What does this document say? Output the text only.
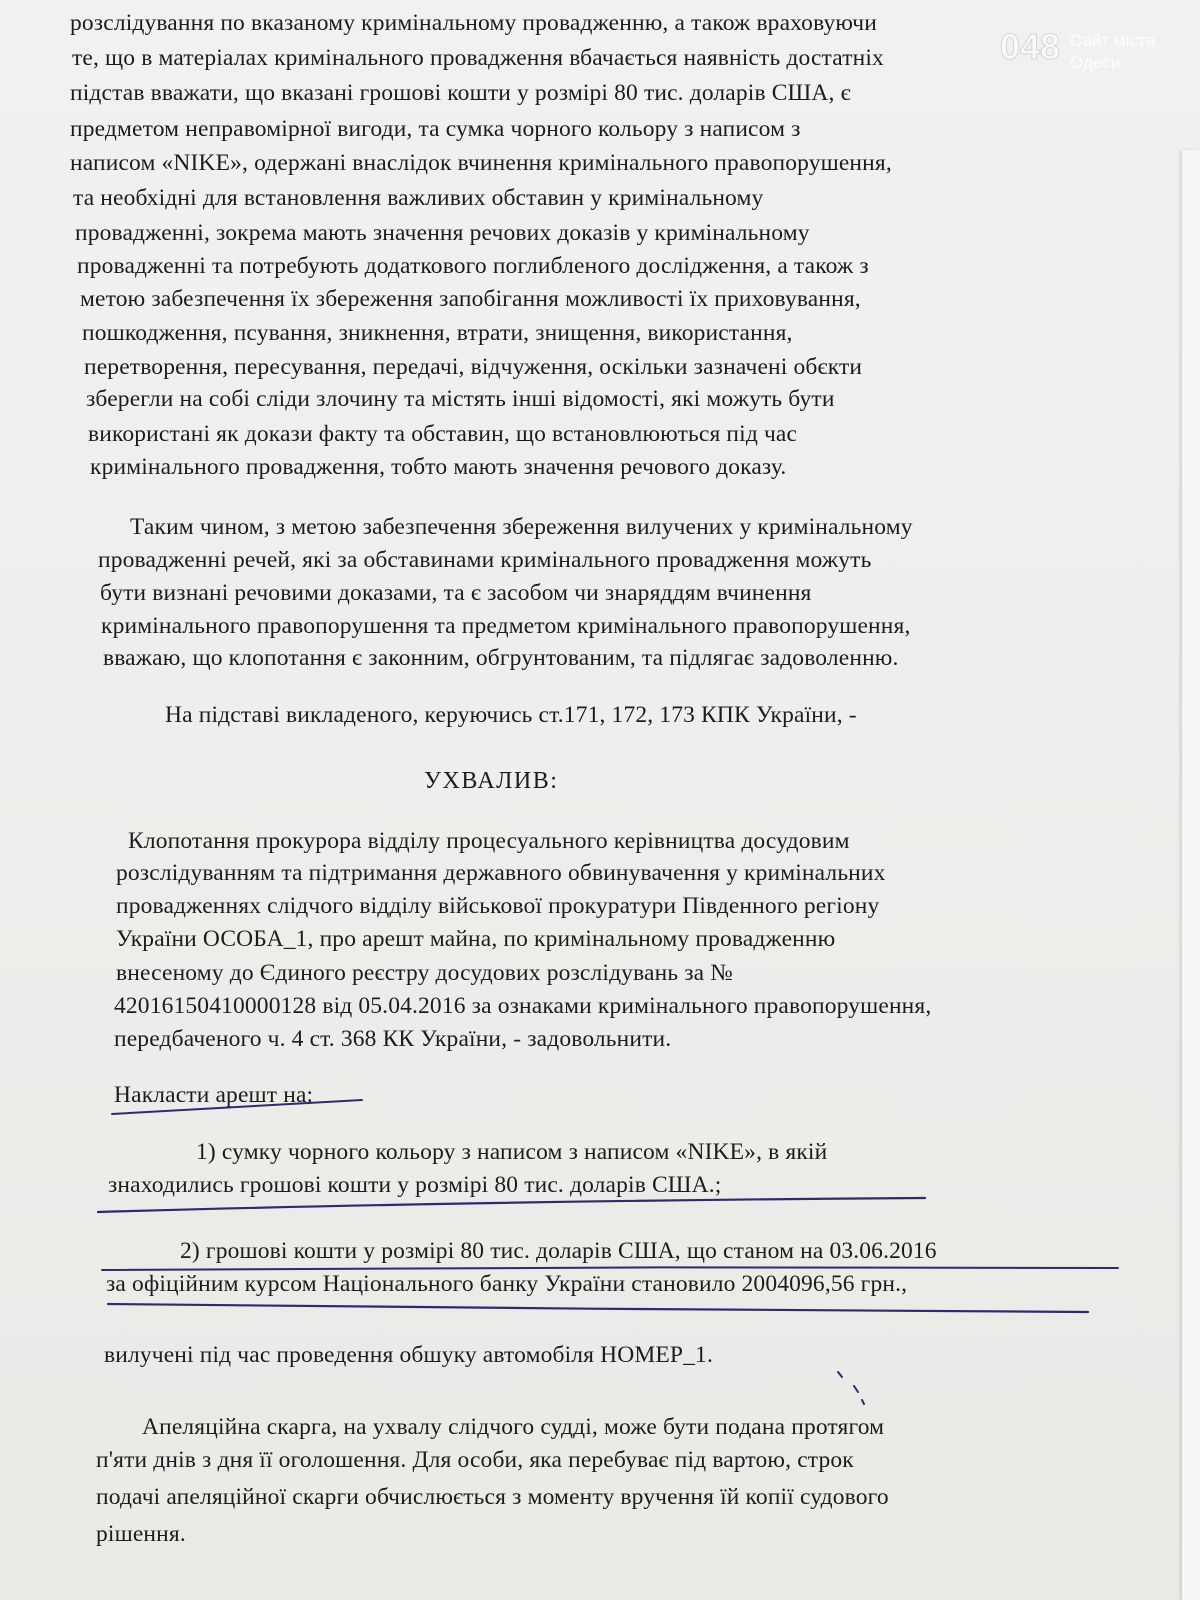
розслідування по вказаному кримінальному провадженню, а також враховуючи
те, що в матеріалах кримінального провадження вбачається наявність достатніх
підстав вважати, що вказані грошові кошти у розмірі 80 тис. доларів США, є
предметом неправомірної вигоди, та сумка чорного кольору з написом з
написом «NIKE», одержані внаслідок вчинення кримінального правопорушення,
та необхідні для встановлення важливих обставин у кримінальному
провадженні, зокрема мають значення речових доказів у кримінальному
провадженні та потребують додаткового поглибленого дослідження, а також з
метою забезпечення їх збереження запобігання можливості їх приховування,
пошкодження, псування, зникнення, втрати, знищення, використання,
перетворення, пересування, передачі, відчуження, оскільки зазначені обєкти
зберегли на собі сліди злочину та містять інші відомості, які можуть бути
використані як докази факту та обставин, що встановлюються під час
кримінального провадження, тобто мають значення речового доказу.
Таким чином, з метою забезпечення збереження вилучених у кримінальному
провадженні речей, які за обставинами кримінального провадження можуть
бути визнані речовими доказами, та є засобом чи знаряддям вчинення
кримінального правопорушення та предметом кримінального правопорушення,
вважаю, що клопотання є законним, обгрунтованим, та підлягає задоволенню.
На підставі викладеного, керуючись ст.171, 172, 173 КПК України, -
УХВАЛИВ:
Клопотання прокурора відділу процесуального керівництва досудовим
розслідуванням та підтримання державного обвинувачення у кримінальних
провадженнях слідчого відділу військової прокуратури Південного регіону
України ОСОБА_1, про арешт майна, по кримінальному провадженню
внесеному до Єдиного реєстру досудових розслідувань за №
42016150410000128 від 05.04.2016 за ознаками кримінального правопорушення,
передбаченого ч. 4 ст. 368 КК України, - задовольнити.
Накласти арешт на:
1) сумку чорного кольору з написом з написом «NIKE», в якій
знаходились грошові кошти у розмірі 80 тис. доларів США.;
2) грошові кошти у розмірі 80 тис. доларів США, що станом на 03.06.2016
за офіційним курсом Національного банку України становило 2004096,56 грн.,
вилучені під час проведення обшуку автомобіля НОМЕР_1.
Апеляційна скарга, на ухвалу слідчого судді, може бути подана протягом
п'яти днів з дня її оголошення. Для особи, яка перебуває під вартою, строк
подачі апеляційної скарги обчислюється з моменту вручення їй копії судового
рішення.
048 Сайт міста
Одеси
